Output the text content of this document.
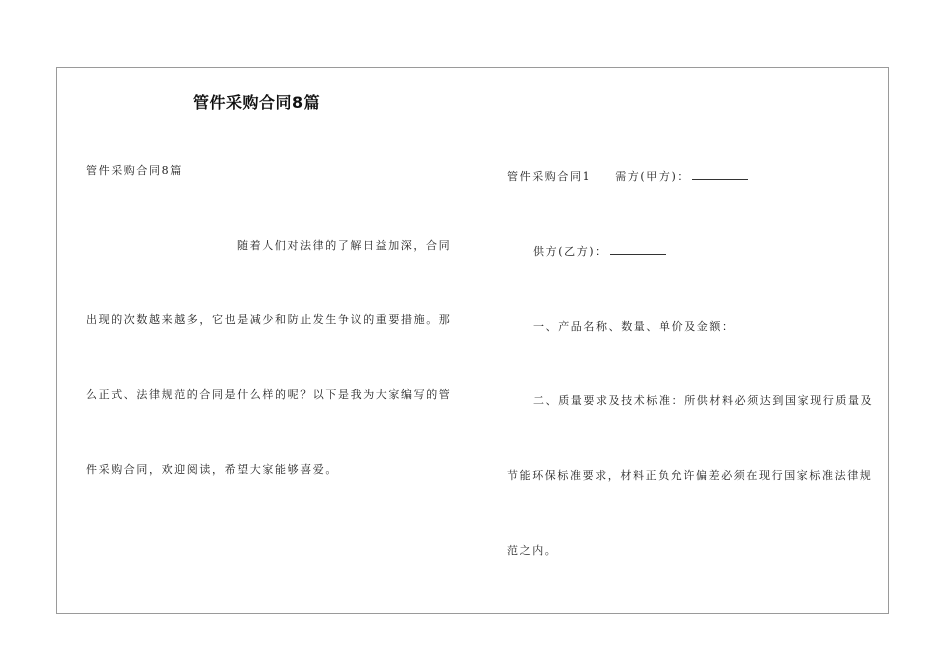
管件采购合同8篇
管件采购合同8篇
随着人们对法律的了解日益加深，合同
出现的次数越来越多，它也是减少和防止发生争议的重要措施。那
么正式、法律规范的合同是什么样的呢？以下是我为大家编写的管
件采购合同，欢迎阅读，希望大家能够喜爱。
管件采购合同1 需方(甲方)：
供方(乙方)：
一、产品名称、数量、单价及金额：
二、质量要求及技术标准：所供材料必须达到国家现行质量及
节能环保标准要求，材料正负允许偏差必须在现行国家标准法律规
范之内。
